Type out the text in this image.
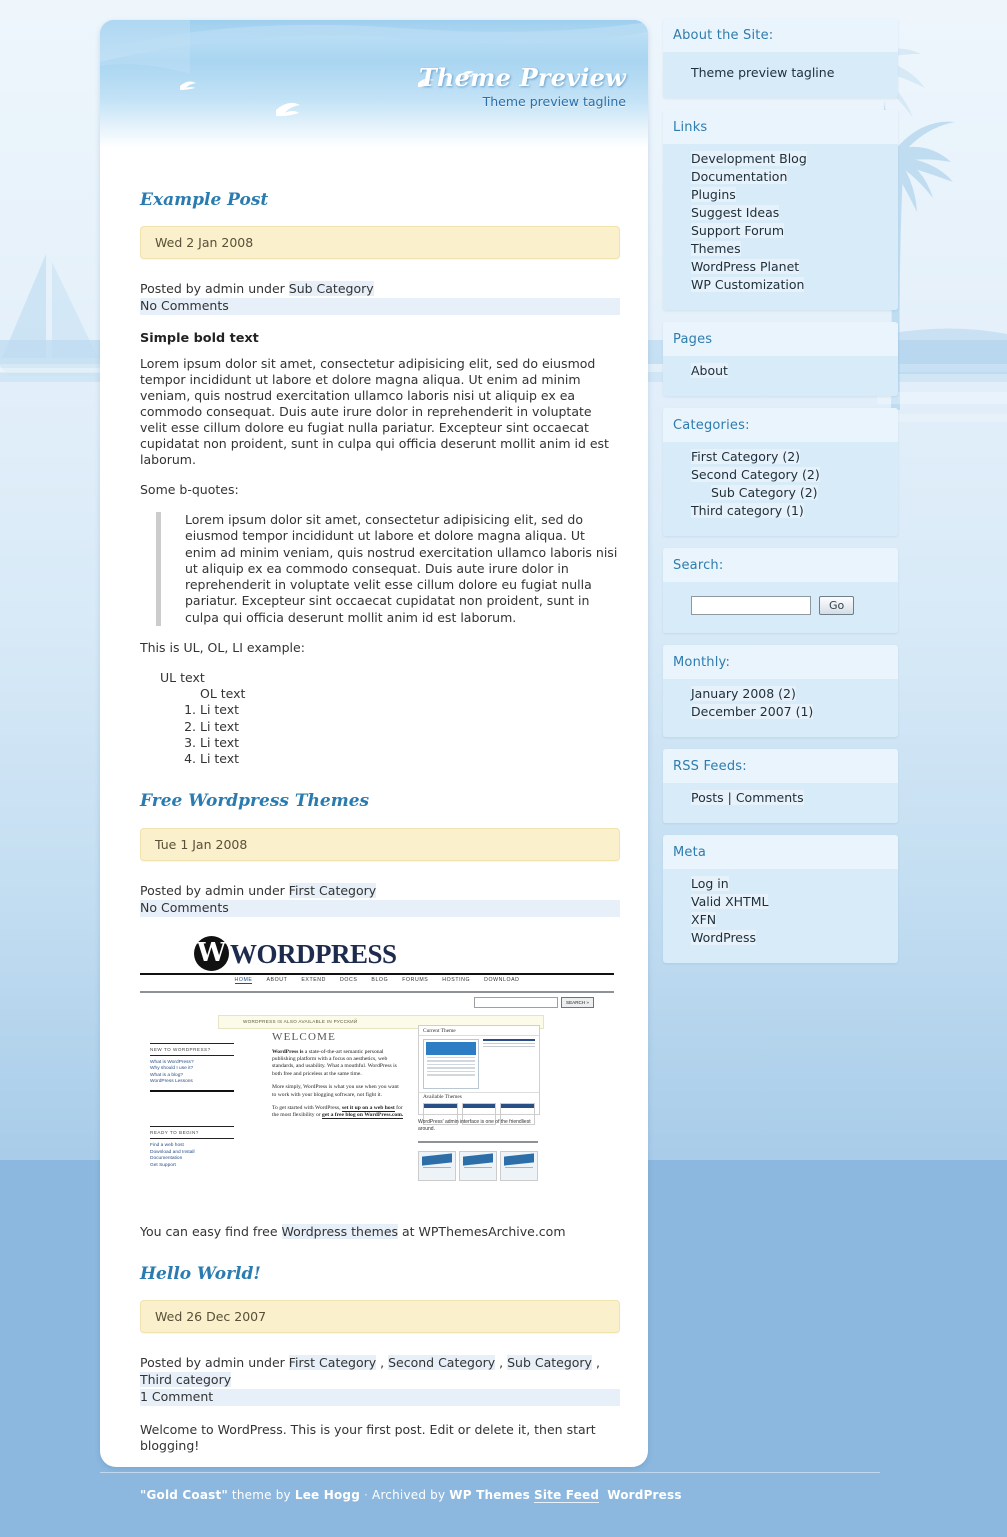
Theme Preview
Theme preview tagline
Example Post
Wed 2 Jan 2008
Posted by admin under Sub Category
No Comments
Simple bold text

Lorem ipsum dolor sit amet, consectetur adipisicing elit, sed do eiusmod tempor incididunt ut labore et dolore magna aliqua. Ut enim ad minim veniam, quis nostrud exercitation ullamco laboris nisi ut aliquip ex ea commodo consequat. Duis aute irure dolor in reprehenderit in voluptate velit esse cillum dolore eu fugiat nulla pariatur. Excepteur sint occaecat cupidatat non proident, sunt in culpa qui officia deserunt mollit anim id est laborum.

Some b-quotes:

Lorem ipsum dolor sit amet, consectetur adipisicing elit, sed do eiusmod tempor incididunt ut labore et dolore magna aliqua. Ut enim ad minim veniam, quis nostrud exercitation ullamco laboris nisi ut aliquip ex ea commodo consequat. Duis aute irure dolor in reprehenderit in voluptate velit esse cillum dolore eu fugiat nulla pariatur. Excepteur sint occaecat cupidatat non proident, sunt in culpa qui officia deserunt mollit anim id est laborum.

This is UL, OL, LI example:

UL text
OL text
1. Li text
2. Li text
3. Li text
4. Li text
Free Wordpress Themes
Tue 1 Jan 2008
Posted by admin under First Category
No Comments
W
WORDPRESS
HOME	ABOUT	EXTEND	DOCS	BLOG	FORUMS	HOSTING	DOWNLOAD
SEARCH »
WORDPRESS IS ALSO AVAILABLE IN РУССКИЙ
NEW TO WORDPRESS?
What is WordPress?
Why should I use it?
What is a blog?
WordPress Lessons
READY TO BEGIN?
Find a web host
Download and Install
Documentation
Get Support
WELCOME

WordPress is a state-of-the-art semantic personal publishing platform with a focus on aesthetics, web standards, and usability. What a mouthful. WordPress is both free and priceless at the same time.

More simply, WordPress is what you use when you want to work with your blogging software, not fight it.

To get started with WordPress, set it up on a web host for the most flexibility or get a free blog on WordPress.com.

Current Theme
Available Themes
WordPress' admin interface is one of the friendliest around.

You can easy find free Wordpress themes at WPThemesArchive.com

Hello World!
Wed 26 Dec 2007
Posted by admin under First Category , Second Category , Sub Category , Third category
1 Comment

Welcome to WordPress. This is your first post. Edit or delete it, then start blogging!

About the Site:
Theme preview tagline
Links
Development Blog
Documentation
Plugins
Suggest Ideas
Support Forum
Themes
WordPress Planet
WP Customization
Pages
About
Categories:
First Category (2)
Second Category (2)
Sub Category (2)
Third category (1)
Search:
Go
Monthly:
January 2008 (2)
December 2007 (1)
RSS Feeds:
Posts | Comments
Meta
Log in
Valid XHTML
XFN
WordPress
"Gold Coast" theme by Lee Hogg · Archived by WP Themes Site Feed WordPress
